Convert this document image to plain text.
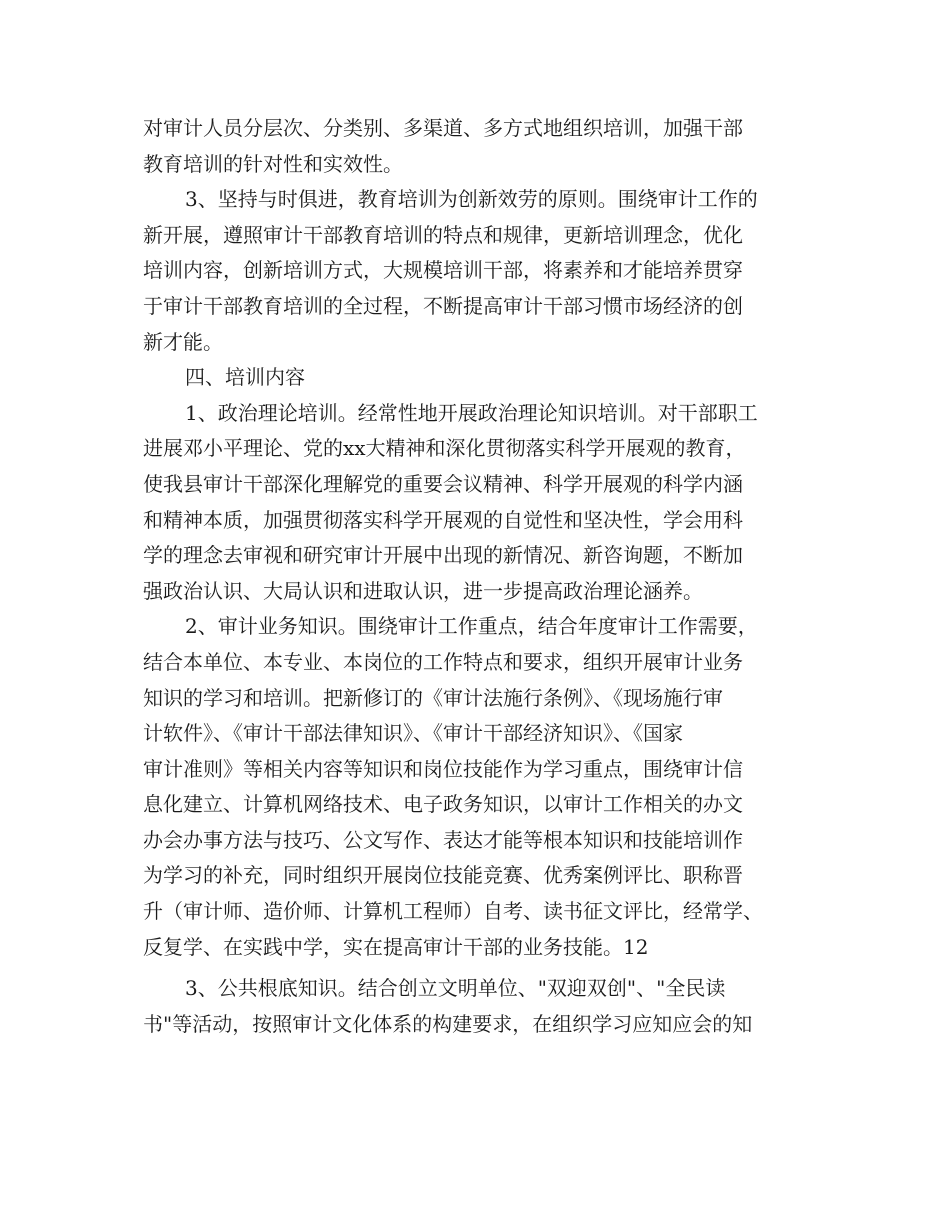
对审计人员分层次、分类别、多渠道、多方式地组织培训，加强干部
教育培训的针对性和实效性。
3、坚持与时俱进，教育培训为创新效劳的原则。围绕审计工作的
新开展，遵照审计干部教育培训的特点和规律，更新培训理念，优化
培训内容，创新培训方式，大规模培训干部，将素养和才能培养贯穿
于审计干部教育培训的全过程，不断提高审计干部习惯市场经济的创
新才能。
四、培训内容
1、政治理论培训。经常性地开展政治理论知识培训。对干部职工
进展邓小平理论、党的xx大精神和深化贯彻落实科学开展观的教育，
使我县审计干部深化理解党的重要会议精神、科学开展观的科学内涵
和精神本质，加强贯彻落实科学开展观的自觉性和坚决性，学会用科
学的理念去审视和研究审计开展中出现的新情况、新咨询题，不断加
强政治认识、大局认识和进取认识，进一步提高政治理论涵养。
2、审计业务知识。围绕审计工作重点，结合年度审计工作需要，
结合本单位、本专业、本岗位的工作特点和要求，组织开展审计业务
知识的学习和培训。把新修订的《审计法施行条例》、《现场施行审
计软件》、《审计干部法律知识》、《审计干部经济知识》、《国家
审计准则》等相关内容等知识和岗位技能作为学习重点，围绕审计信
息化建立、计算机网络技术、电子政务知识，以审计工作相关的办文
办会办事方法与技巧、公文写作、表达才能等根本知识和技能培训作
为学习的补充，同时组织开展岗位技能竞赛、优秀案例评比、职称晋
升（审计师、造价师、计算机工程师）自考、读书征文评比，经常学、
反复学、在实践中学，实在提高审计干部的业务技能。12
3、公共根底知识。结合创立文明单位、"双迎双创"、"全民读
书"等活动，按照审计文化体系的构建要求，在组织学习应知应会的知
